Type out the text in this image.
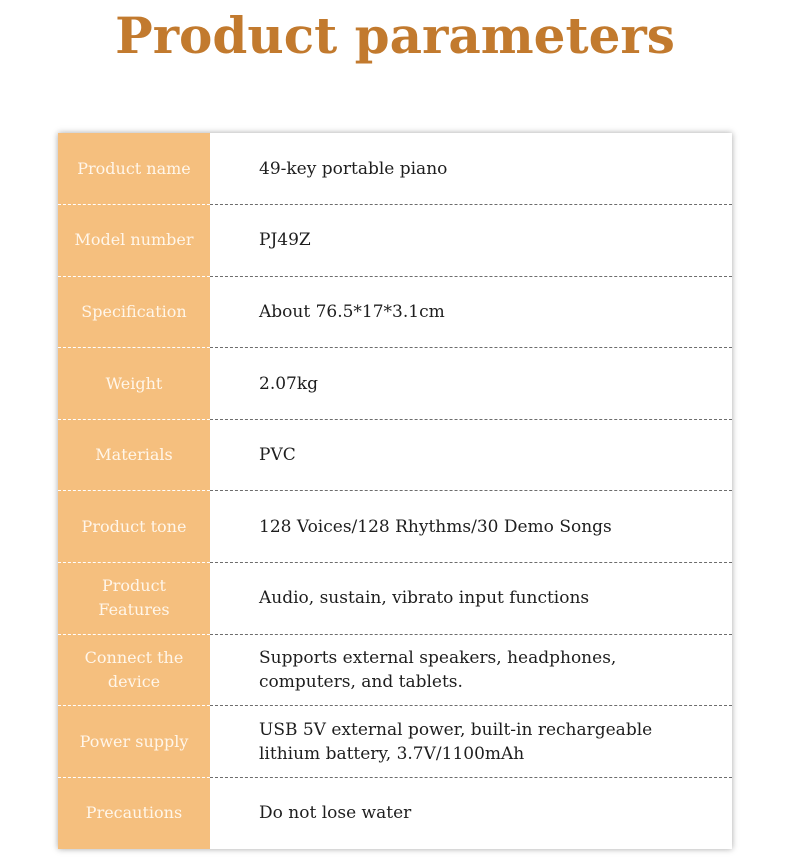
Product parameters
Product name	49-key portable piano
Model number	PJ49Z
Specification	About 76.5*17*3.1cm
Weight	2.07kg
Materials	PVC
Product tone	128 Voices/128 Rhythms/30 Demo Songs
Product Features	Audio, sustain, vibrato input functions
Connect the device	Supports external speakers, headphones, computers, and tablets.
Power supply	USB 5V external power, built-in rechargeable lithium battery, 3.7V/1100mAh
Precautions	Do not lose water
